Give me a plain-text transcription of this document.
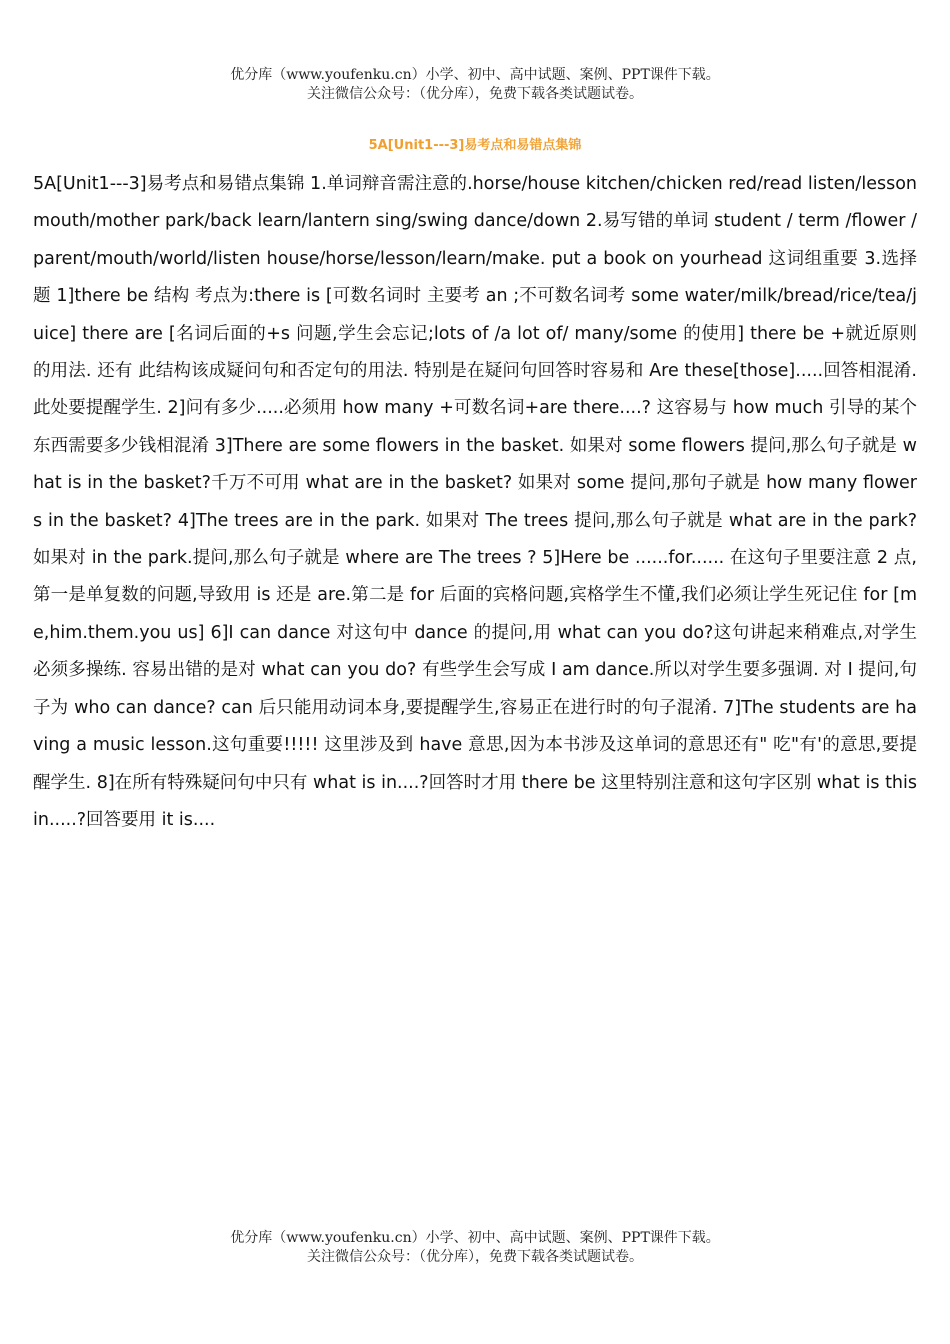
优分库（www.youfenku.cn）小学、初中、高中试题、案例、PPT课件下载。
关注微信公众号：（优分库），免费下载各类试题试卷。
5A[Unit1---3]易考点和易错点集锦
5A[Unit1---3]易考点和易错点集锦 1.单词辩音需注意的.horse/house kitchen/chicken red/read listen/lesson mouth/mother park/back learn/lantern sing/swing dance/down 2.易写错的单词 student / term /flower /parent/mouth/world/listen house/horse/lesson/learn/make. put a book on yourhead 这词组重要 3.选择题 1]there be 结构 考点为:there is [可数名词时 主要考 an ;不可数名词考 some water/milk/bread/rice/tea/juice] there are [名词后面的+s 问题,学生会忘记;lots of /a lot of/ many/some 的使用] there be +就近原则的用法. 还有 此结构该成疑问句和否定句的用法. 特别是在疑问句回答时容易和 Are these[those].....回答相混淆.此处要提醒学生. 2]问有多少.....必须用 how many +可数名词+are there....? 这容易与 how much 引导的某个东西需要多少钱相混淆 3]There are some flowers in the basket. 如果对 some flowers 提问,那么句子就是 what is in the basket?千万不可用 what are in the basket? 如果对 some 提问,那句子就是 how many flowers in the basket? 4]The trees are in the park. 如果对 The trees 提问,那么句子就是 what are in the park? 如果对 in the park.提问,那么句子就是 where are The trees ? 5]Here be ......for...... 在这句子里要注意 2 点,第一是单复数的问题,导致用 is 还是 are.第二是 for 后面的宾格问题,宾格学生不懂,我们必须让学生死记住 for [me,him.them.you us] 6]I can dance 对这句中 dance 的提问,用 what can you do?这句讲起来稍难点,对学生必须多操练. 容易出错的是对 what can you do? 有些学生会写成 I am dance.所以对学生要多强调. 对 I 提问,句子为 who can dance? can 后只能用动词本身,要提醒学生,容易正在进行时的句子混淆. 7]The students are having a music lesson.这句重要!!!!! 这里涉及到 have 意思,因为本书涉及这单词的意思还有" 吃"有'的意思,要提醒学生. 8]在所有特殊疑问句中只有 what is in....?回答时才用 there be 这里特别注意和这句字区别 what is this in.....?回答要用 it is....
优分库（www.youfenku.cn）小学、初中、高中试题、案例、PPT课件下载。
关注微信公众号：（优分库），免费下载各类试题试卷。
